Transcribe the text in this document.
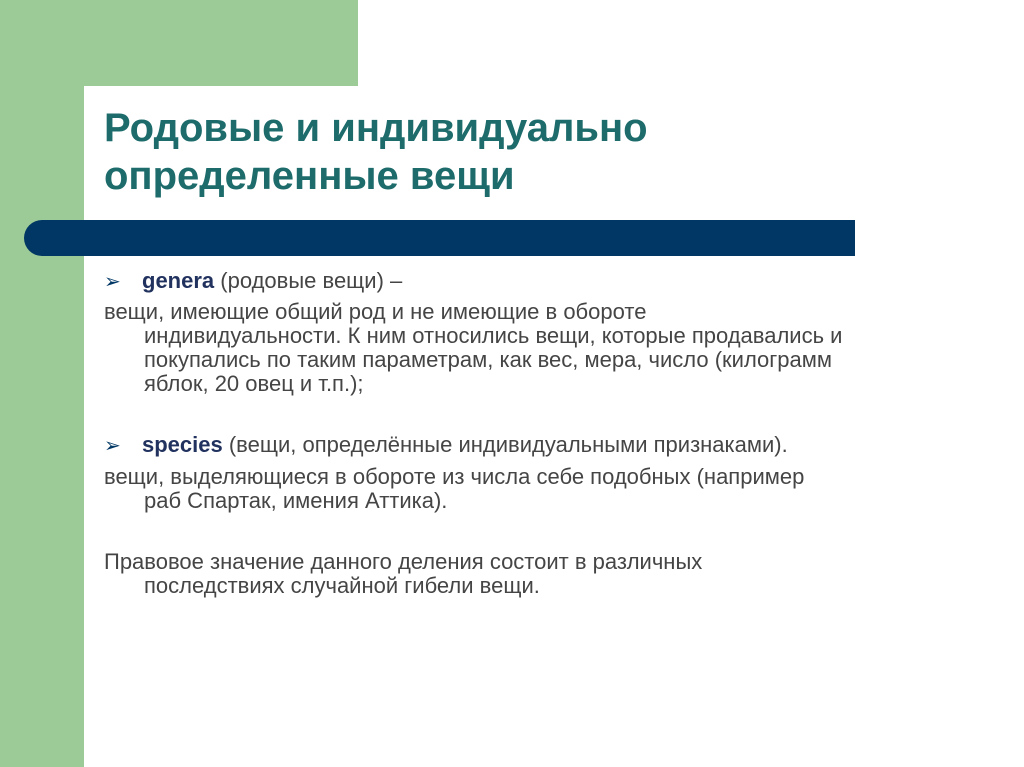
Родовые и индивидуально
определенные вещи
➢ genera (родовые вещи) –

вещи, имеющие общий род и не имеющие в обороте
индивидуальности. К ним относились вещи, которые продавались и
покупались по таким параметрам, как вес, мера, число (килограмм
яблок, 20 овец и т.п.);

➢ species (вещи, определённые индивидуальными признаками).

вещи, выделяющиеся в обороте из числа себе подобных (например
раб Спартак, имения Аттика).

Правовое значение данного деления состоит в различных
последствиях случайной гибели вещи.
